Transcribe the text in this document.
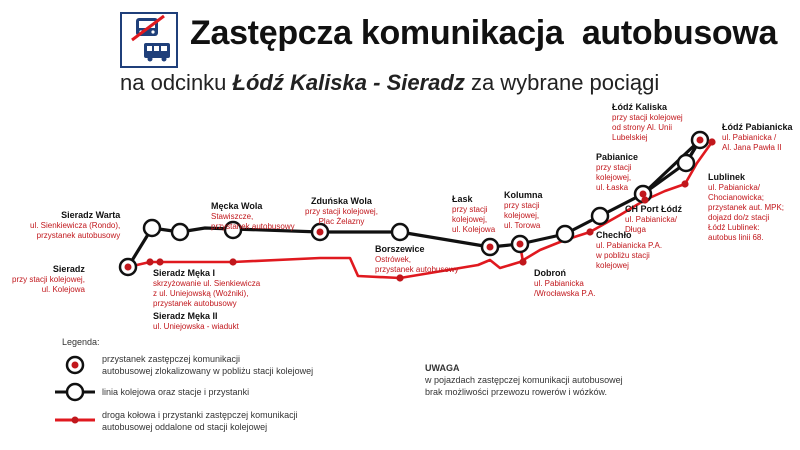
Zastępcza komunikacja  autobusowa
na odcinku Łódź Kaliska - Sieradz za wybrane pociągi
Łódź Kaliska
przy stacji kolejowej
od strony Al. Unii
Lubelskiej
Łódź Pabianicka
ul. Pabianicka /
Al. Jana Pawła II
Lublinek
ul. Pabianicka/
Chocianowicka;
przystanek aut. MPK;
dojazd do/z stacji
Łódź Lublinek:
autobus linii 68.
CH Port Łódź
ul. Pabianicka/
Długa
Pabianice
przy stacji
kolejowej,
ul. Łaska
Chechło
ul. Pabianicka P.A.
w pobliżu stacji
kolejowej
Dobroń
ul. Pabianicka
/Wrocławska P.A.
Kolumna
przy stacji
kolejowej,
ul. Torowa
Łask
przy stacji
kolejowej,
ul. Kolejowa
Borszewice
Ostrówek,
przystanek autobusowy
Zduńska Wola
przy stacji kolejowej,
Plac Żelazny
Męcka Wola
Stawiszcze,
przystanek autobusowy
Sieradz Warta
ul. Sienkiewicza (Rondo),
przystanek autobusowy
Sieradz Męka I
skrzyżowanie ul. Sienkiewicza
z ul. Uniejowską (Woźniki),
przystanek autobusowy
Sieradz Męka II
ul. Uniejowska - wiadukt
Sieradz
przy stacji kolejowej,
ul. Kolejowa
Legenda:
przystanek zastępczej komunikacji
autobusowej zlokalizowany w pobliżu stacji kolejowej
linia kolejowa oraz stacje i przystanki
droga kołowa i przystanki zastępczej komunikacji
autobusowej oddalone od stacji kolejowej
UWAGA
w pojazdach zastępczej komunikacji autobusowej
brak możliwości przewozu rowerów i wózków.
